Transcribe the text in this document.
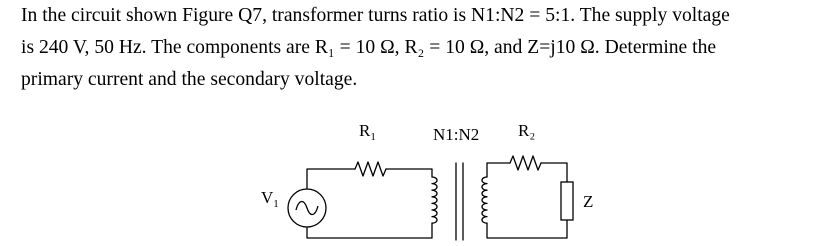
In the circuit shown Figure Q7, transformer turns ratio is N1:N2 = 5:1. The supply voltage

is 240 V, 50 Hz. The components are R₁ = 10 Ω, R₂ = 10 Ω, and Z=j10 Ω. Determine the

primary current and the secondary voltage.

$R_1$	N1:N2 R₂
$V_1$	Z
